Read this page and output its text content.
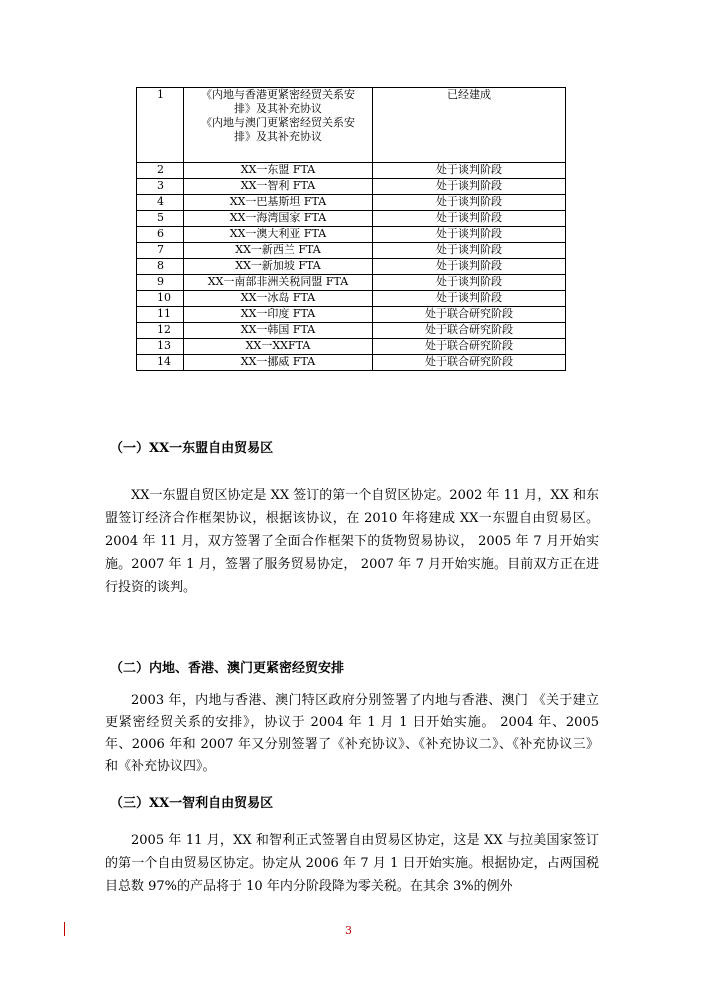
1	《内地与香港更紧密经贸关系安
排》及其补充协议
《内地与澳门更紧密经贸关系安
排》及其补充协议	已经建成
2	XX一东盟 FTA	处于谈判阶段
3	XX一智利 FTA	处于谈判阶段
4	XX一巴基斯坦 FTA	处于谈判阶段
5	XX一海湾国家 FTA	处于谈判阶段
6	XX一澳大利亚 FTA	处于谈判阶段
7	XX一新西兰 FTA	处于谈判阶段
8	XX一新加坡 FTA	处于谈判阶段
9	XX一南部非洲关税同盟 FTA	处于谈判阶段
10	XX一冰岛 FTA	处于谈判阶段
11	XX一印度 FTA	处于联合研究阶段
12	XX一韩国 FTA	处于联合研究阶段
13	XX一XXFTA	处于联合研究阶段
14	XX一挪威 FTA	处于联合研究阶段
（一）XX一东盟自由贸易区
XX一东盟自贸区协定是 XX 签订的第一个自贸区协定。2002 年 11 月，XX 和东盟签订经济合作框架协议，根据该协议，在 2010 年将建成 XX一东盟自由贸易区。2004 年 11 月，双方签署了全面合作框架下的货物贸易协议， 2005 年 7 月开始实施。2007 年 1 月，签署了服务贸易协定， 2007 年 7 月开始实施。目前双方正在进行投资的谈判。
（二）内地、香港、澳门更紧密经贸安排
2003 年，内地与香港、澳门特区政府分别签署了内地与香港、澳门 《关于建立更紧密经贸关系的安排》，协议于 2004 年 1 月 1 日开始实施。 2004 年、2005 年、2006 年和 2007 年又分别签署了《补充协议》、《补充协议二》、《补充协议三》和《补充协议四》。
（三）XX一智利自由贸易区
2005 年 11 月，XX 和智利正式签署自由贸易区协定，这是 XX 与拉美国家签订的第一个自由贸易区协定。协定从 2006 年 7 月 1 日开始实施。根据协定，占两国税目总数 97%的产品将于 10 年内分阶段降为零关税。在其余 3%的例外
3
